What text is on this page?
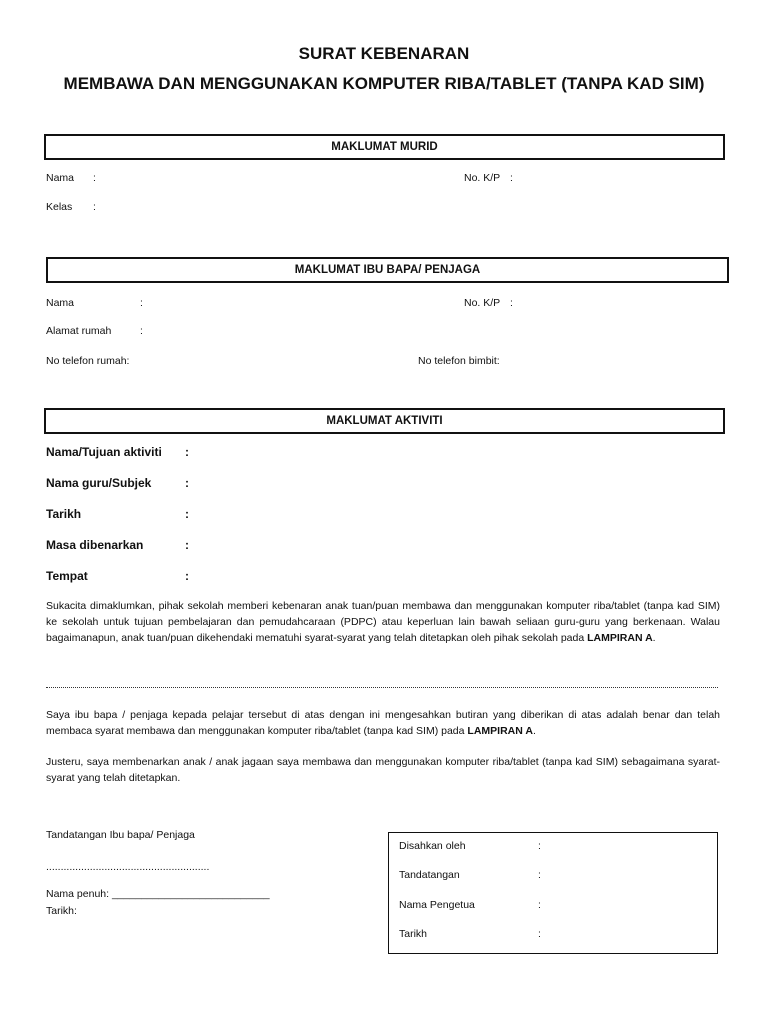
SURAT KEBENARAN
MEMBAWA DAN MENGGUNAKAN KOMPUTER RIBA/TABLET (TANPA KAD SIM)
MAKLUMAT MURID
Nama :	No. K/P :
Kelas :
MAKLUMAT IBU BAPA/ PENJAGA
Nama	:	No. K/P :
Alamat rumah	:
No telefon rumah:	No telefon bimbit:
MAKLUMAT AKTIVITI
Nama/Tujuan aktiviti :
Nama guru/Subjek	:
Tarikh	:
Masa dibenarkan	:
Tempat	:
Sukacita dimaklumkan, pihak sekolah memberi kebenaran anak tuan/puan membawa dan menggunakan komputer riba/tablet (tanpa kad SIM) ke sekolah untuk tujuan pembelajaran dan pemudahcaraan (PDPC) atau keperluan lain bawah seliaan guru-guru yang berkenaan. Walau bagaimanapun, anak tuan/puan dikehendaki mematuhi syarat-syarat yang telah ditetapkan oleh pihak sekolah pada LAMPIRAN A.
Saya ibu bapa / penjaga kepada pelajar tersebut di atas dengan ini mengesahkan butiran yang diberikan di atas adalah benar dan telah membaca syarat membawa dan menggunakan komputer riba/tablet (tanpa kad SIM) pada LAMPIRAN A.
Justeru, saya membenarkan anak / anak jagaan saya membawa dan menggunakan komputer riba/tablet (tanpa kad SIM) sebagaimana syarat-syarat yang telah ditetapkan.
Tandatangan Ibu bapa/ Penjaga
........................................................
Nama penuh: ___________________________
Tarikh:
Disahkan oleh	:
Tandatangan	:
Nama Pengetua	:
Tarikh	:
